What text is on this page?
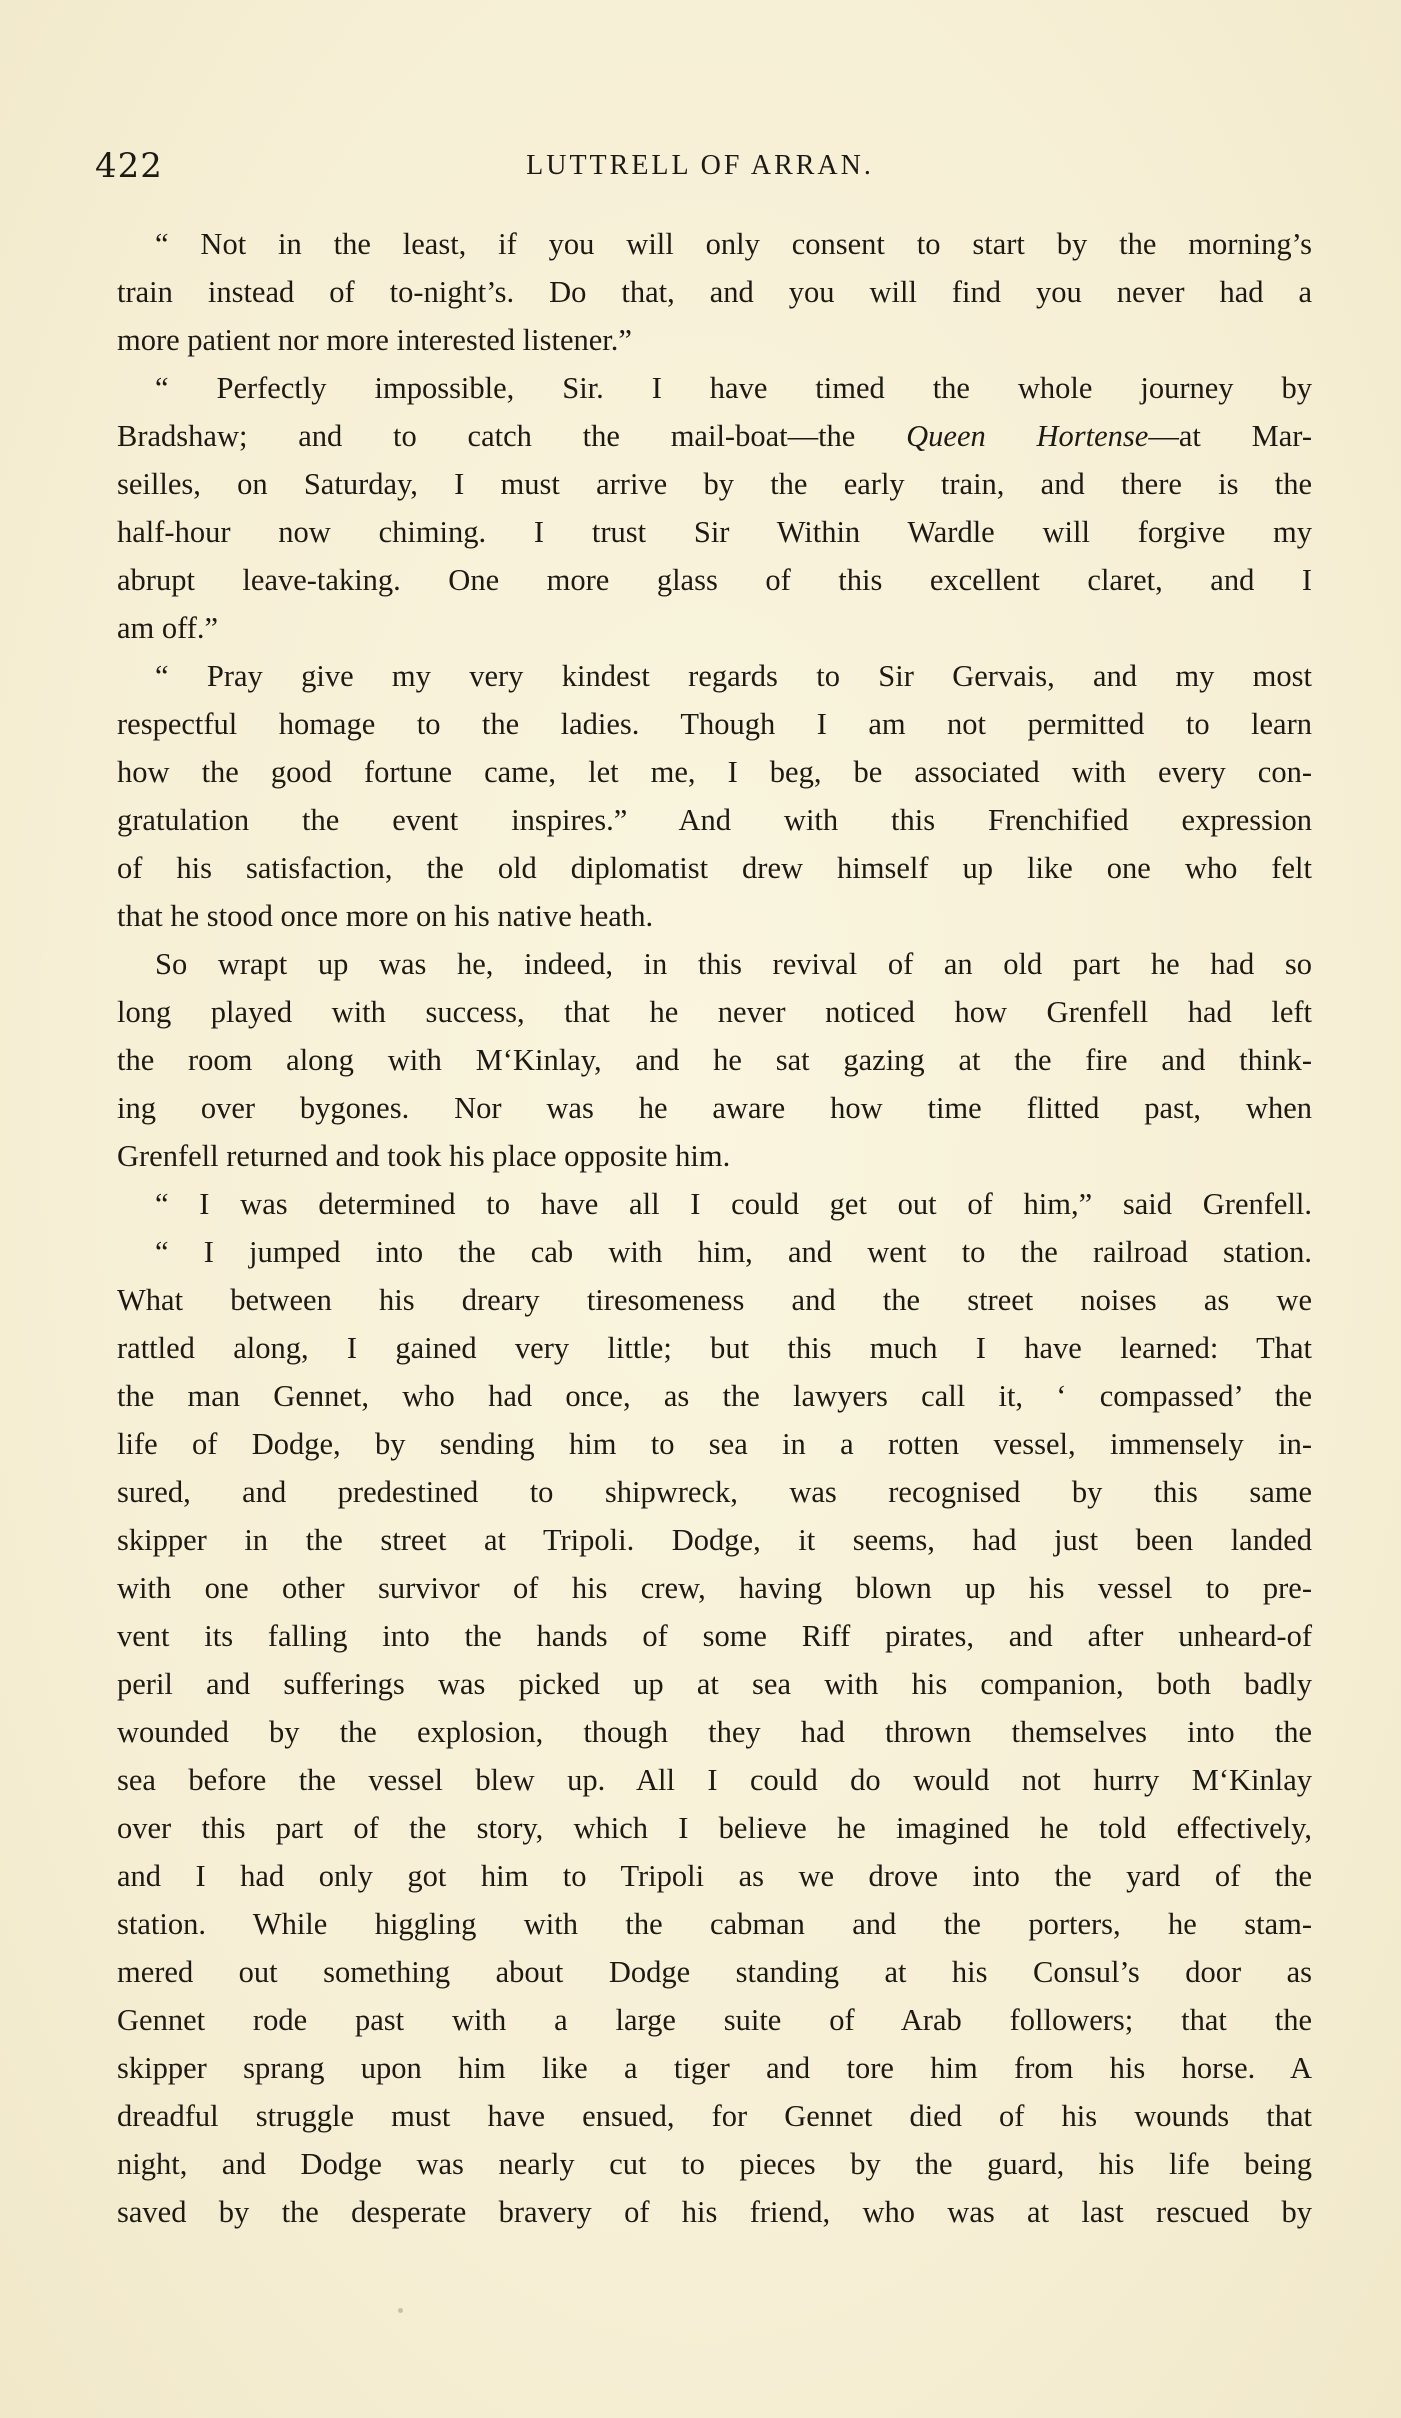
422	LUTTRELL OF ARRAN.
“ Not in the least, if you will only consent to start by the morning’s
train instead of to-night’s. Do that, and you will find you never had a
more patient nor more interested listener.”
“ Perfectly impossible, Sir. I have timed the whole journey by
Bradshaw; and to catch the mail-boat—the Queen Hortense—at Mar-
seilles, on Saturday, I must arrive by the early train, and there is the
half-hour now chiming. I trust Sir Within Wardle will forgive my
abrupt leave-taking. One more glass of this excellent claret, and I
am off.”
“ Pray give my very kindest regards to Sir Gervais, and my most
respectful homage to the ladies. Though I am not permitted to learn
how the good fortune came, let me, I beg, be associated with every con-
gratulation the event inspires.” And with this Frenchified expression
of his satisfaction, the old diplomatist drew himself up like one who felt
that he stood once more on his native heath.
So wrapt up was he, indeed, in this revival of an old part he had so
long played with success, that he never noticed how Grenfell had left
the room along with M‘Kinlay, and he sat gazing at the fire and think-
ing over bygones. Nor was he aware how time flitted past, when
Grenfell returned and took his place opposite him.
“ I was determined to have all I could get out of him,” said Grenfell.
“ I jumped into the cab with him, and went to the railroad station.
What between his dreary tiresomeness and the street noises as we
rattled along, I gained very little; but this much I have learned: That
the man Gennet, who had once, as the lawyers call it, ‘ compassed’ the
life of Dodge, by sending him to sea in a rotten vessel, immensely in-
sured, and predestined to shipwreck, was recognised by this same
skipper in the street at Tripoli. Dodge, it seems, had just been landed
with one other survivor of his crew, having blown up his vessel to pre-
vent its falling into the hands of some Riff pirates, and after unheard-of
peril and sufferings was picked up at sea with his companion, both badly
wounded by the explosion, though they had thrown themselves into the
sea before the vessel blew up. All I could do would not hurry M‘Kinlay
over this part of the story, which I believe he imagined he told effectively,
and I had only got him to Tripoli as we drove into the yard of the
station. While higgling with the cabman and the porters, he stam-
mered out something about Dodge standing at his Consul’s door as
Gennet rode past with a large suite of Arab followers; that the
skipper sprang upon him like a tiger and tore him from his horse. A
dreadful struggle must have ensued, for Gennet died of his wounds that
night, and Dodge was nearly cut to pieces by the guard, his life being
saved by the desperate bravery of his friend, who was at last rescued by
